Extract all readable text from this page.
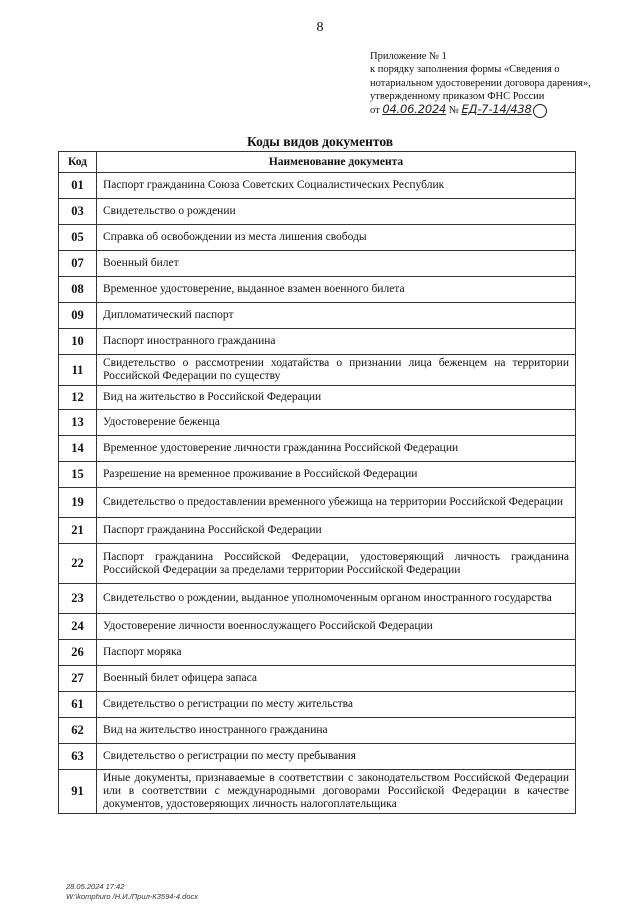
8
Приложение № 1
к порядку заполнения формы «Сведения о
нотариальном удостоверении договора дарения»,
утвержденному приказом ФНС России
от 04.06.2024 № ЕД-7-14/438
Коды видов документов
Код	Наименование документа
01	Паспорт гражданина Союза Советских Социалистических Республик
03	Свидетельство о рождении
05	Справка об освобождении из места лишения свободы
07	Военный билет
08	Временное удостоверение, выданное взамен военного билета
09	Дипломатический паспорт
10	Паспорт иностранного гражданина
11	Свидетельство о рассмотрении ходатайства о признании лица беженцем на территории Российской Федерации по существу
12	Вид на жительство в Российской Федерации
13	Удостоверение беженца
14	Временное удостоверение личности гражданина Российской Федерации
15	Разрешение на временное проживание в Российской Федерации
19	Свидетельство о предоставлении временного убежища на территории Российской Федерации
21	Паспорт гражданина Российской Федерации
22	Паспорт гражданина Российской Федерации, удостоверяющий личность гражданина Российской Федерации за пределами территории Российской Федерации
23	Свидетельство о рождении, выданное уполномоченным органом иностранного государства
24	Удостоверение личности военнослужащего Российской Федерации
26	Паспорт моряка
27	Военный билет офицера запаса
61	Свидетельство о регистрации по месту жительства
62	Вид на жительство иностранного гражданина
63	Свидетельство о регистрации по месту пребывания
91	Иные документы, признаваемые в соответствии с законодательством Российской Федерации или в соответствии с международными договорами Российской Федерации в качестве документов, удостоверяющих личность налогоплательщика
28.05.2024 17:42
W:\komphuro /Н.И./Прил-К3594-4.docx
